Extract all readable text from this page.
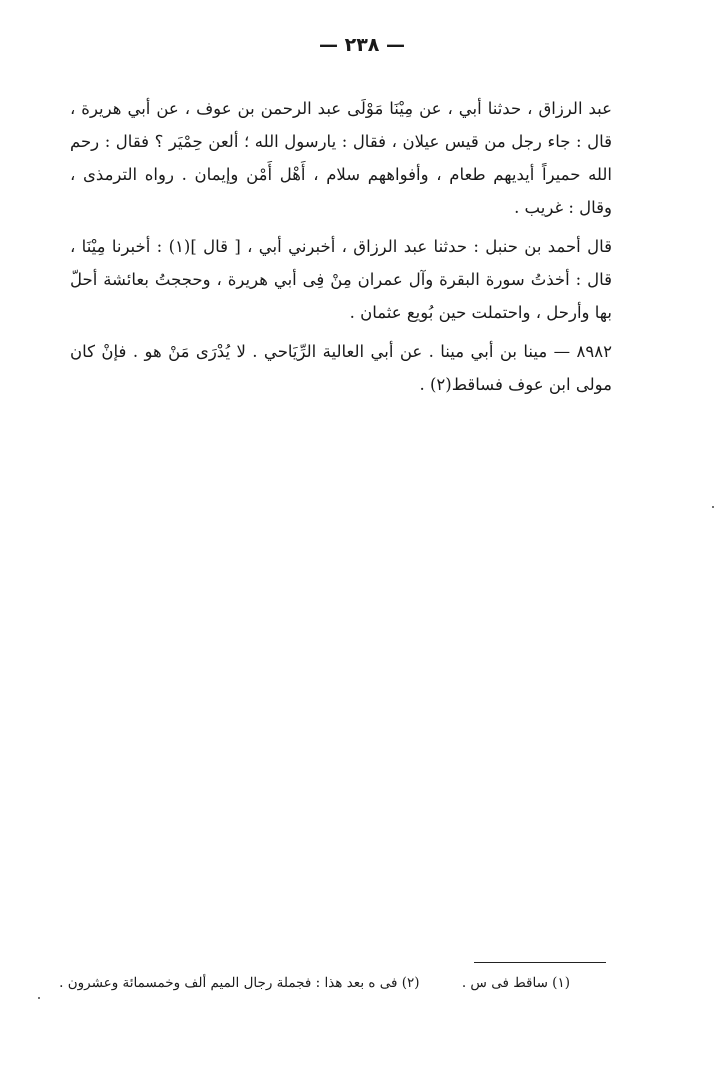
— ٢٣٨ —

عبد الرزاق ، حدثنا أبي ، عن مِيْنَا مَوْلَى عبد الرحمن بن عوف ، عن أبي هريرة ، قال : جاء رجل من قيس عيلان ، فقال : يارسول الله ؛ ألعن حِمْيَر ؟ فقال : رحم الله حميراً أيديهم طعام ، وأفواههم سلام ، أَهْل أَمْن وإيمان . رواه الترمذى ، وقال : غريب .

قال أحمد بن حنبل : حدثنا عبد الرزاق ، أخبرني أبي ، [ قال ](١) : أخبرنا مِيْنَا ، قال : أخذتُ سورة البقرة وآل عمران مِنْ فِى أبي هريرة ، وحججتُ بعائشة أحلّ بها وأرحل ، واحتملت حين بُويع عثمان .

٨٩٨٢ — مينا بن أبي مينا . عن أبي العالية الرِّيَاحي . لا يُدْرَى مَنْ هو . فإنْ كان مولى ابن عوف فساقط(٢) .

(١) ساقط فى س . (٢) فى ه بعد هذا : فجملة رجال الميم ألف وخمسمائة وعشرون .
